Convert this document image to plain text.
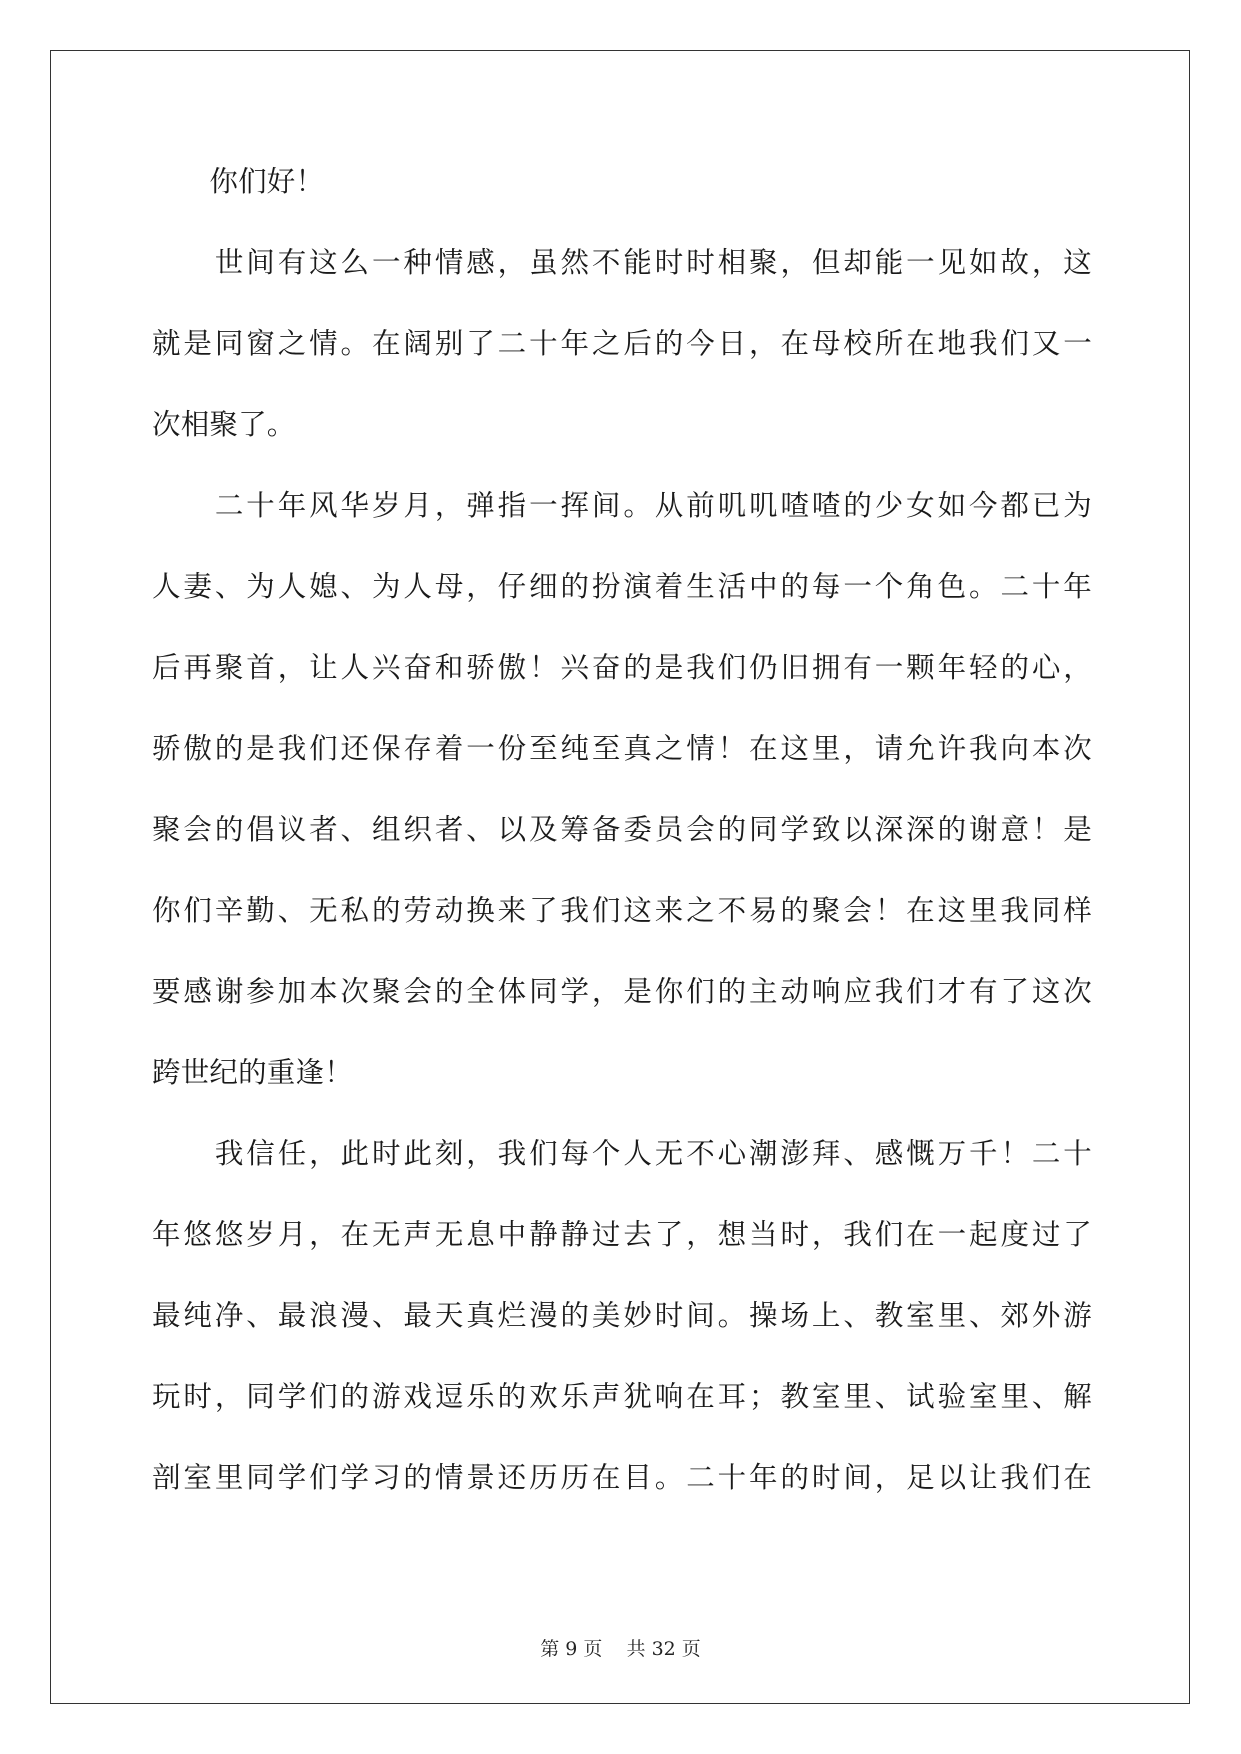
　　你们好！
　　世间有这么一种情感，虽然不能时时相聚，但却能一见如故，这
就是同窗之情。在阔别了二十年之后的今日，在母校所在地我们又一
次相聚了。
　　二十年风华岁月，弹指一挥间。从前叽叽喳喳的少女如今都已为
人妻、为人媳、为人母，仔细的扮演着生活中的每一个角色。二十年
后再聚首，让人兴奋和骄傲！兴奋的是我们仍旧拥有一颗年轻的心，
骄傲的是我们还保存着一份至纯至真之情！在这里，请允许我向本次
聚会的倡议者、组织者、以及筹备委员会的同学致以深深的谢意！是
你们辛勤、无私的劳动换来了我们这来之不易的聚会！在这里我同样
要感谢参加本次聚会的全体同学，是你们的主动响应我们才有了这次
跨世纪的重逢！
　　我信任，此时此刻，我们每个人无不心潮澎拜、感慨万千！二十
年悠悠岁月，在无声无息中静静过去了，想当时，我们在一起度过了
最纯净、最浪漫、最天真烂漫的美妙时间。操场上、教室里、郊外游
玩时，同学们的游戏逗乐的欢乐声犹响在耳；教室里、试验室里、解
剖室里同学们学习的情景还历历在目。二十年的时间，足以让我们在
第 9 页 共 32 页
